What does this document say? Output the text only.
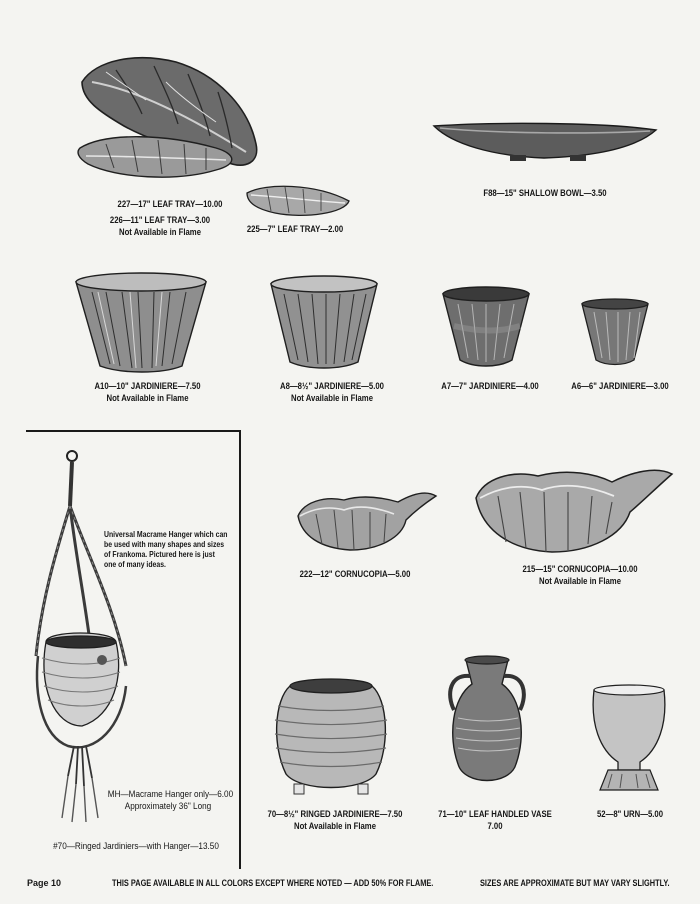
227—17" LEAF TRAY—10.00
226—11" LEAF TRAY—3.00
Not Available in Flame	225—7" LEAF TRAY—2.00
F88—15" SHALLOW BOWL—3.50
A10—10" JARDINIERE—7.50
Not Available in Flame
A8—8½" JARDINIERE—5.00
Not Available in Flame
A7—7" JARDINIERE—4.00	A6—6" JARDINIERE—3.00
222—12" CORNUCOPIA—5.00	215—15" CORNUCOPIA—10.00
Not Available in Flame
70—8½" RINGED JARDINIERE—7.50
Not Available in Flame
71—10" LEAF HANDLED VASE
7.00
52—8" URN—5.00
Universal Macrame Hanger which can
be used with many shapes and sizes
of Frankoma. Pictured here is just
one of many ideas.
MH—Macrame Hanger only—6.00
Approximately 36" Long
#70—Ringed Jardiniers—with Hanger—13.50
Page 10	THIS PAGE AVAILABLE IN ALL COLORS EXCEPT WHERE NOTED — ADD 50% FOR FLAME.	SIZES ARE APPROXIMATE BUT MAY VARY SLIGHTLY.
